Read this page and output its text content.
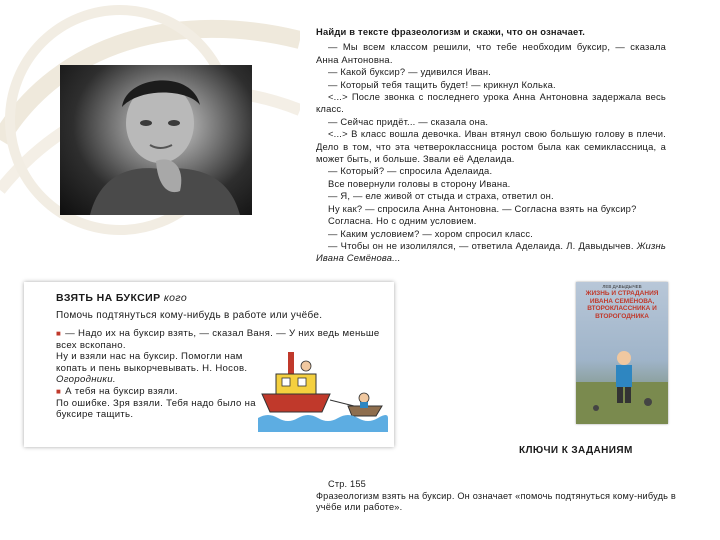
Найди в тексте фразеологизм и скажи, что он означает.

— Мы всем классом решили, что тебе необходим буксир, — сказала Анна Антоновна.

— Какой буксир? — удивился Иван.

— Который тебя тащить будет! — крикнул Колька.

<...> После звонка с последнего урока Анна Антоновна задержала весь класс.

— Сейчас придёт... — сказала она.

<...> В класс вошла девочка. Иван втянул свою большую голову в плечи. Дело в том, что эта четвероклассница ростом была как семиклассница, а может быть, и больше. Звали её Аделаида.

— Который? — спросила Аделаида.

Все повернули головы в сторону Ивана.

— Я, — еле живой от стыда и страха, ответил он.

Ну как? — спросила Анна Антоновна. — Согласна взять на буксир?

Согласна. Но с одним условием.

— Каким условием? — хором спросил класс.

— Чтобы он не изолилялся, — ответила Аделаида. Л. Давыдычев. Жизнь Ивана Семёнова...

ВЗЯТЬ НА БУКСИР кого
Помочь подтянуться кому-нибудь в работе или учёбе.

■ — Надо их на буксир взять, — сказал Ваня. — У них ведь меньше всех вскопано.

Ну и взяли нас на буксир. Помогли нам копать и пень выкорчевывать. Н. Носов. Огородники.

■ А тебя на буксир взяли.

По ошибке. Зря взяли. Тебя надо было на буксире тащить.

ЛЕВ ДАВЫДЫЧЕВ
ЖИЗНЬ И СТРАДАНИЯ
ИВАНА СЕМЁНОВА,
ВТОРОКЛАССНИКА И ВТОРОГОДНИКА
КЛЮЧИ К ЗАДАНИЯМ

Стр. 155

Фразеологизм взять на буксир. Он означает «помочь подтянуться кому-нибудь в учёбе или работе».
